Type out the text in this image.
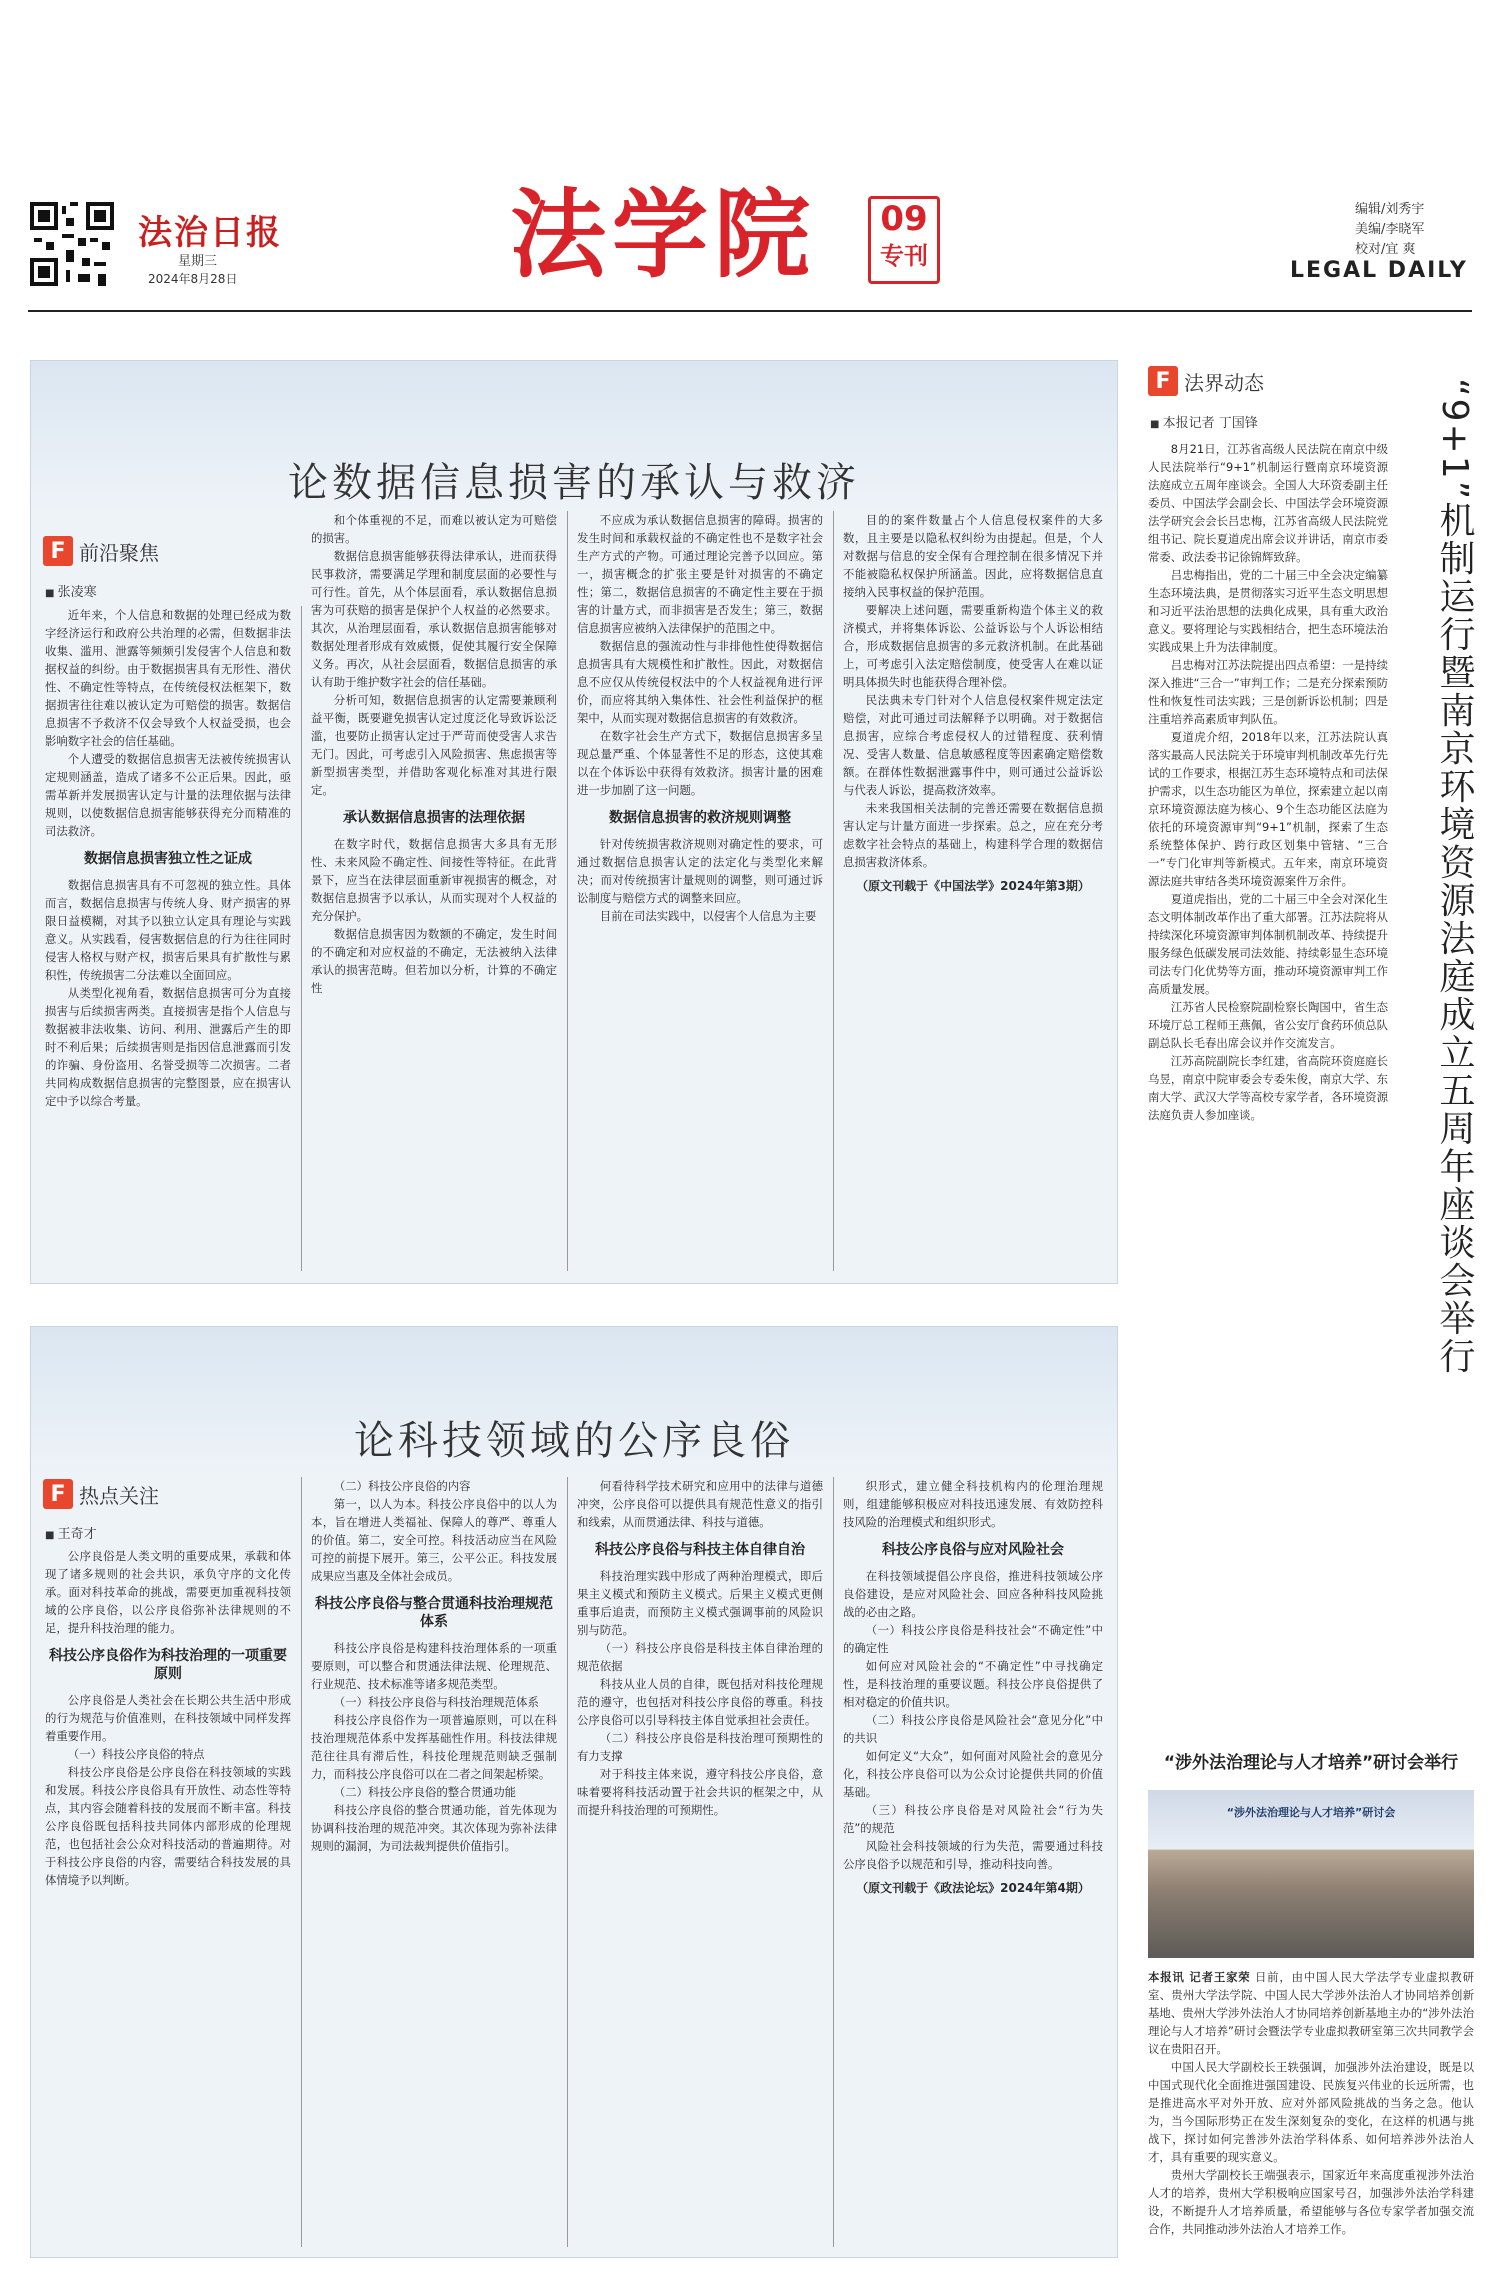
法治日报
星期三
2024年8月28日	法学院 09
专刊
编辑/刘秀宇
美编/李晓军
校对/宜 爽
LEGAL DAILY
论数据信息损害的承认与救济
F 前沿聚焦
■ 张凌寒

近年来，个人信息和数据的处理已经成为数字经济运行和政府公共治理的必需，但数据非法收集、滥用、泄露等频频引发侵害个人信息和数据权益的纠纷。由于数据损害具有无形性、潜伏性、不确定性等特点，在传统侵权法框架下，数据损害往往难以被认定为可赔偿的损害。数据信息损害不予救济不仅会导致个人权益受损，也会影响数字社会的信任基础。

个人遭受的数据信息损害无法被传统损害认定规则涵盖，造成了诸多不公正后果。因此，亟需革新并发展损害认定与计量的法理依据与法律规则，以使数据信息损害能够获得充分而精准的司法救济。

数据信息损害独立性之证成

数据信息损害具有不可忽视的独立性。具体而言，数据信息损害与传统人身、财产损害的界限日益模糊，对其予以独立认定具有理论与实践意义。从实践看，侵害数据信息的行为往往同时侵害人格权与财产权，损害后果具有扩散性与累积性，传统损害二分法难以全面回应。

从类型化视角看，数据信息损害可分为直接损害与后续损害两类。直接损害是指个人信息与数据被非法收集、访问、利用、泄露后产生的即时不利后果；后续损害则是指因信息泄露而引发的诈骗、身份盗用、名誉受损等二次损害。二者共同构成数据信息损害的完整图景，应在损害认定中予以综合考量。

和个体重视的不足，而难以被认定为可赔偿的损害。

数据信息损害能够获得法律承认，进而获得民事救济，需要满足学理和制度层面的必要性与可行性。首先，从个体层面看，承认数据信息损害为可获赔的损害是保护个人权益的必然要求。其次，从治理层面看，承认数据信息损害能够对数据处理者形成有效威慑，促使其履行安全保障义务。再次，从社会层面看，数据信息损害的承认有助于维护数字社会的信任基础。

分析可知，数据信息损害的认定需要兼顾利益平衡，既要避免损害认定过度泛化导致诉讼泛滥，也要防止损害认定过于严苛而使受害人求告无门。因此，可考虑引入风险损害、焦虑损害等新型损害类型，并借助客观化标准对其进行限定。

承认数据信息损害的法理依据

在数字时代，数据信息损害大多具有无形性、未来风险不确定性、间接性等特征。在此背景下，应当在法律层面重新审视损害的概念，对数据信息损害予以承认，从而实现对个人权益的充分保护。

数据信息损害因为数额的不确定，发生时间的不确定和对应权益的不确定，无法被纳入法律承认的损害范畴。但若加以分析，计算的不确定性

不应成为承认数据信息损害的障碍。损害的发生时间和承载权益的不确定性也不是数字社会生产方式的产物。可通过理论完善予以回应。第一，损害概念的扩张主要是针对损害的不确定性；第二，数据信息损害的不确定性主要在于损害的计量方式，而非损害是否发生；第三，数据信息损害应被纳入法律保护的范围之中。

数据信息的强流动性与非排他性使得数据信息损害具有大规模性和扩散性。因此，对数据信息不应仅从传统侵权法中的个人权益视角进行评价，而应将其纳入集体性、社会性利益保护的框架中，从而实现对数据信息损害的有效救济。

在数字社会生产方式下，数据信息损害多呈现总量严重、个体显著性不足的形态，这使其难以在个体诉讼中获得有效救济。损害计量的困难进一步加剧了这一问题。

数据信息损害的救济规则调整

针对传统损害救济规则对确定性的要求，可通过数据信息损害认定的法定化与类型化来解决；而对传统损害计量规则的调整，则可通过诉讼制度与赔偿方式的调整来回应。

目前在司法实践中，以侵害个人信息为主要

目的的案件数量占个人信息侵权案件的大多数，且主要是以隐私权纠纷为由提起。但是，个人对数据与信息的安全保有合理控制在很多情况下并不能被隐私权保护所涵盖。因此，应将数据信息直接纳入民事权益的保护范围。

要解决上述问题，需要重新构造个体主义的救济模式，并将集体诉讼、公益诉讼与个人诉讼相结合，形成数据信息损害的多元救济机制。在此基础上，可考虑引入法定赔偿制度，使受害人在难以证明具体损失时也能获得合理补偿。

民法典未专门针对个人信息侵权案件规定法定赔偿，对此可通过司法解释予以明确。对于数据信息损害，应综合考虑侵权人的过错程度、获利情况、受害人数量、信息敏感程度等因素确定赔偿数额。在群体性数据泄露事件中，则可通过公益诉讼与代表人诉讼，提高救济效率。

未来我国相关法制的完善还需要在数据信息损害认定与计量方面进一步探索。总之，应在充分考虑数字社会特点的基础上，构建科学合理的数据信息损害救济体系。

（原文刊载于《中国法学》2024年第3期）
论科技领域的公序良俗
F 热点关注
■ 王奇才

公序良俗是人类文明的重要成果，承载和体现了诸多规则的社会共识，承负守序的文化传承。面对科技革命的挑战，需要更加重视科技领域的公序良俗，以公序良俗弥补法律规则的不足，提升科技治理的能力。

科技公序良俗作为科技治理的一项重要原则

公序良俗是人类社会在长期公共生活中形成的行为规范与价值准则，在科技领域中同样发挥着重要作用。

（一）科技公序良俗的特点

科技公序良俗是公序良俗在科技领域的实践和发展。科技公序良俗具有开放性、动态性等特点，其内容会随着科技的发展而不断丰富。科技公序良俗既包括科技共同体内部形成的伦理规范，也包括社会公众对科技活动的普遍期待。对于科技公序良俗的内容，需要结合科技发展的具体情境予以判断。

（二）科技公序良俗的内容

第一，以人为本。科技公序良俗中的以人为本，旨在增进人类福祉、保障人的尊严、尊重人的价值。第二，安全可控。科技活动应当在风险可控的前提下展开。第三，公平公正。科技发展成果应当惠及全体社会成员。

科技公序良俗与整合贯通科技治理规范体系

科技公序良俗是构建科技治理体系的一项重要原则，可以整合和贯通法律法规、伦理规范、行业规范、技术标准等诸多规范类型。

（一）科技公序良俗与科技治理规范体系

科技公序良俗作为一项普遍原则，可以在科技治理规范体系中发挥基础性作用。科技法律规范往往具有滞后性，科技伦理规范则缺乏强制力，而科技公序良俗可以在二者之间架起桥梁。

（二）科技公序良俗的整合贯通功能

科技公序良俗的整合贯通功能，首先体现为协调科技治理的规范冲突。其次体现为弥补法律规则的漏洞，为司法裁判提供价值指引。

何看待科学技术研究和应用中的法律与道德冲突，公序良俗可以提供具有规范性意义的指引和线索，从而贯通法律、科技与道德。

科技公序良俗与科技主体自律自治

科技治理实践中形成了两种治理模式，即后果主义模式和预防主义模式。后果主义模式更侧重事后追责，而预防主义模式强调事前的风险识别与防范。

（一）科技公序良俗是科技主体自律治理的规范依据

科技从业人员的自律，既包括对科技伦理规范的遵守，也包括对科技公序良俗的尊重。科技公序良俗可以引导科技主体自觉承担社会责任。

（二）科技公序良俗是科技治理可预期性的有力支撑

对于科技主体来说，遵守科技公序良俗，意味着要将科技活动置于社会共识的框架之中，从而提升科技治理的可预期性。

织形式，建立健全科技机构内的伦理治理规则，组建能够积极应对科技迅速发展、有效防控科技风险的治理模式和组织形式。

科技公序良俗与应对风险社会

在科技领域提倡公序良俗，推进科技领域公序良俗建设，是应对风险社会、回应各种科技风险挑战的必由之路。

（一）科技公序良俗是科技社会“不确定性”中的确定性

如何应对风险社会的“不确定性”中寻找确定性，是科技治理的重要议题。科技公序良俗提供了相对稳定的价值共识。

（二）科技公序良俗是风险社会“意见分化”中的共识

如何定义“大众”，如何面对风险社会的意见分化，科技公序良俗可以为公众讨论提供共同的价值基础。

（三）科技公序良俗是对风险社会“行为失范”的规范

风险社会科技领域的行为失范，需要通过科技公序良俗予以规范和引导，推动科技向善。

（原文刊载于《政法论坛》2024年第4期）
F 法界动态
■ 本报记者 丁国锋	“9+1”机制运行暨南京环境资源法庭成立五周年座谈会举行

8月21日，江苏省高级人民法院在南京中级人民法院举行“9+1”机制运行暨南京环境资源法庭成立五周年座谈会。全国人大环资委副主任委员、中国法学会副会长、中国法学会环境资源法学研究会会长吕忠梅，江苏省高级人民法院党组书记、院长夏道虎出席会议并讲话，南京市委常委、政法委书记徐锦辉致辞。

吕忠梅指出，党的二十届三中全会决定编纂生态环境法典，是贯彻落实习近平生态文明思想和习近平法治思想的法典化成果，具有重大政治意义。要将理论与实践相结合，把生态环境法治实践成果上升为法律制度。

吕忠梅对江苏法院提出四点希望：一是持续深入推进“三合一”审判工作；二是充分探索预防性和恢复性司法实践；三是创新诉讼机制；四是注重培养高素质审判队伍。

夏道虎介绍，2018年以来，江苏法院认真落实最高人民法院关于环境审判机制改革先行先试的工作要求，根据江苏生态环境特点和司法保护需求，以生态功能区为单位，探索建立起以南京环境资源法庭为核心、9个生态功能区法庭为依托的环境资源审判“9+1”机制，探索了生态系统整体保护、跨行政区划集中管辖、“三合一”专门化审判等新模式。五年来，南京环境资源法庭共审结各类环境资源案件万余件。

夏道虎指出，党的二十届三中全会对深化生态文明体制改革作出了重大部署。江苏法院将从持续深化环境资源审判体制机制改革、持续提升服务绿色低碳发展司法效能、持续彰显生态环境司法专门化优势等方面，推动环境资源审判工作高质量发展。

江苏省人民检察院副检察长陶国中，省生态环境厅总工程师王燕佩，省公安厅食药环侦总队副总队长毛春出席会议并作交流发言。

江苏高院副院长李红建，省高院环资庭庭长乌昱，南京中院审委会专委朱俊，南京大学、东南大学、武汉大学等高校专家学者，各环境资源法庭负责人参加座谈。

“涉外法治理论与人才培养”研讨会举行
“涉外法治理论与人才培养”研讨会

本报讯 记者王家荣 日前，由中国人民大学法学专业虚拟教研室、贵州大学法学院、中国人民大学涉外法治人才协同培养创新基地、贵州大学涉外法治人才协同培养创新基地主办的“涉外法治理论与人才培养”研讨会暨法学专业虚拟教研室第三次共同教学会议在贵阳召开。

中国人民大学副校长王轶强调，加强涉外法治建设，既是以中国式现代化全面推进强国建设、民族复兴伟业的长远所需，也是推进高水平对外开放、应对外部风险挑战的当务之急。他认为，当今国际形势正在发生深刻复杂的变化，在这样的机遇与挑战下，探讨如何完善涉外法治学科体系、如何培养涉外法治人才，具有重要的现实意义。

贵州大学副校长王端强表示，国家近年来高度重视涉外法治人才的培养，贵州大学积极响应国家号召，加强涉外法治学科建设，不断提升人才培养质量，希望能够与各位专家学者加强交流合作，共同推动涉外法治人才培养工作。
